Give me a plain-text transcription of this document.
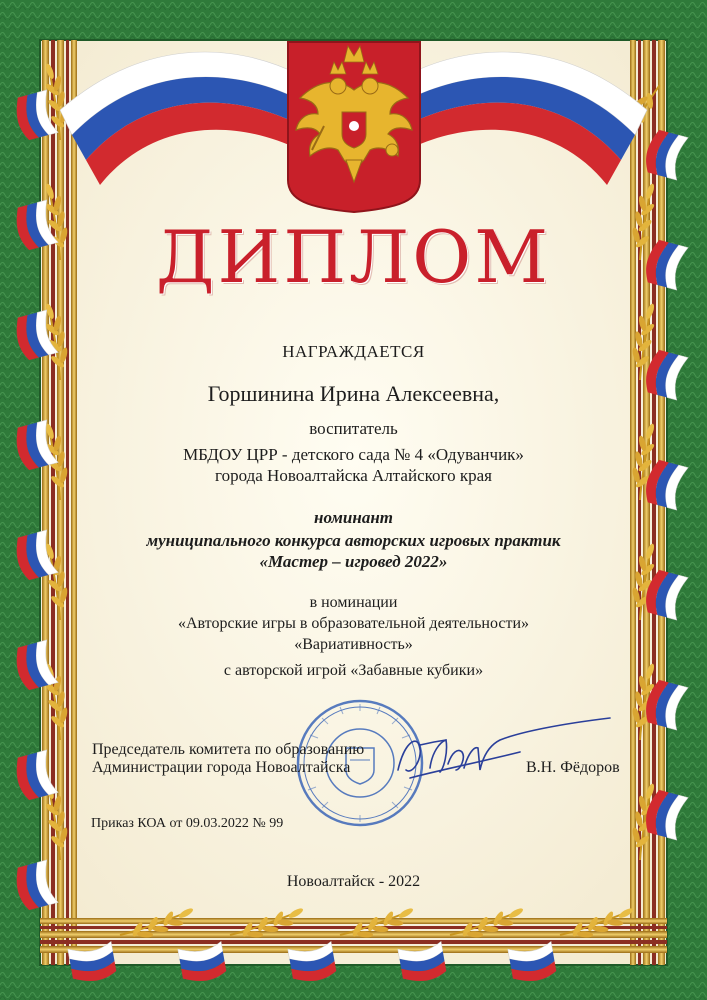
ДИПЛОМ
НАГРАЖДАЕТСЯ
Горшинина Ирина Алексеевна,
воспитатель
МБДОУ ЦРР - детского сада № 4 «Одуванчик»
города Новоалтайска Алтайского края
номинант
муниципального конкурса авторских игровых практик
«Мастер – игровед 2022»
в номинации
«Авторские игры в образовательной деятельности»
«Вариативность»
с авторской игрой «Забавные кубики»
Председатель комитета по образованию
Администрации города Новоалтайска	В.Н. Фёдоров
Приказ КОА от 09.03.2022 № 99
Новоалтайск - 2022
